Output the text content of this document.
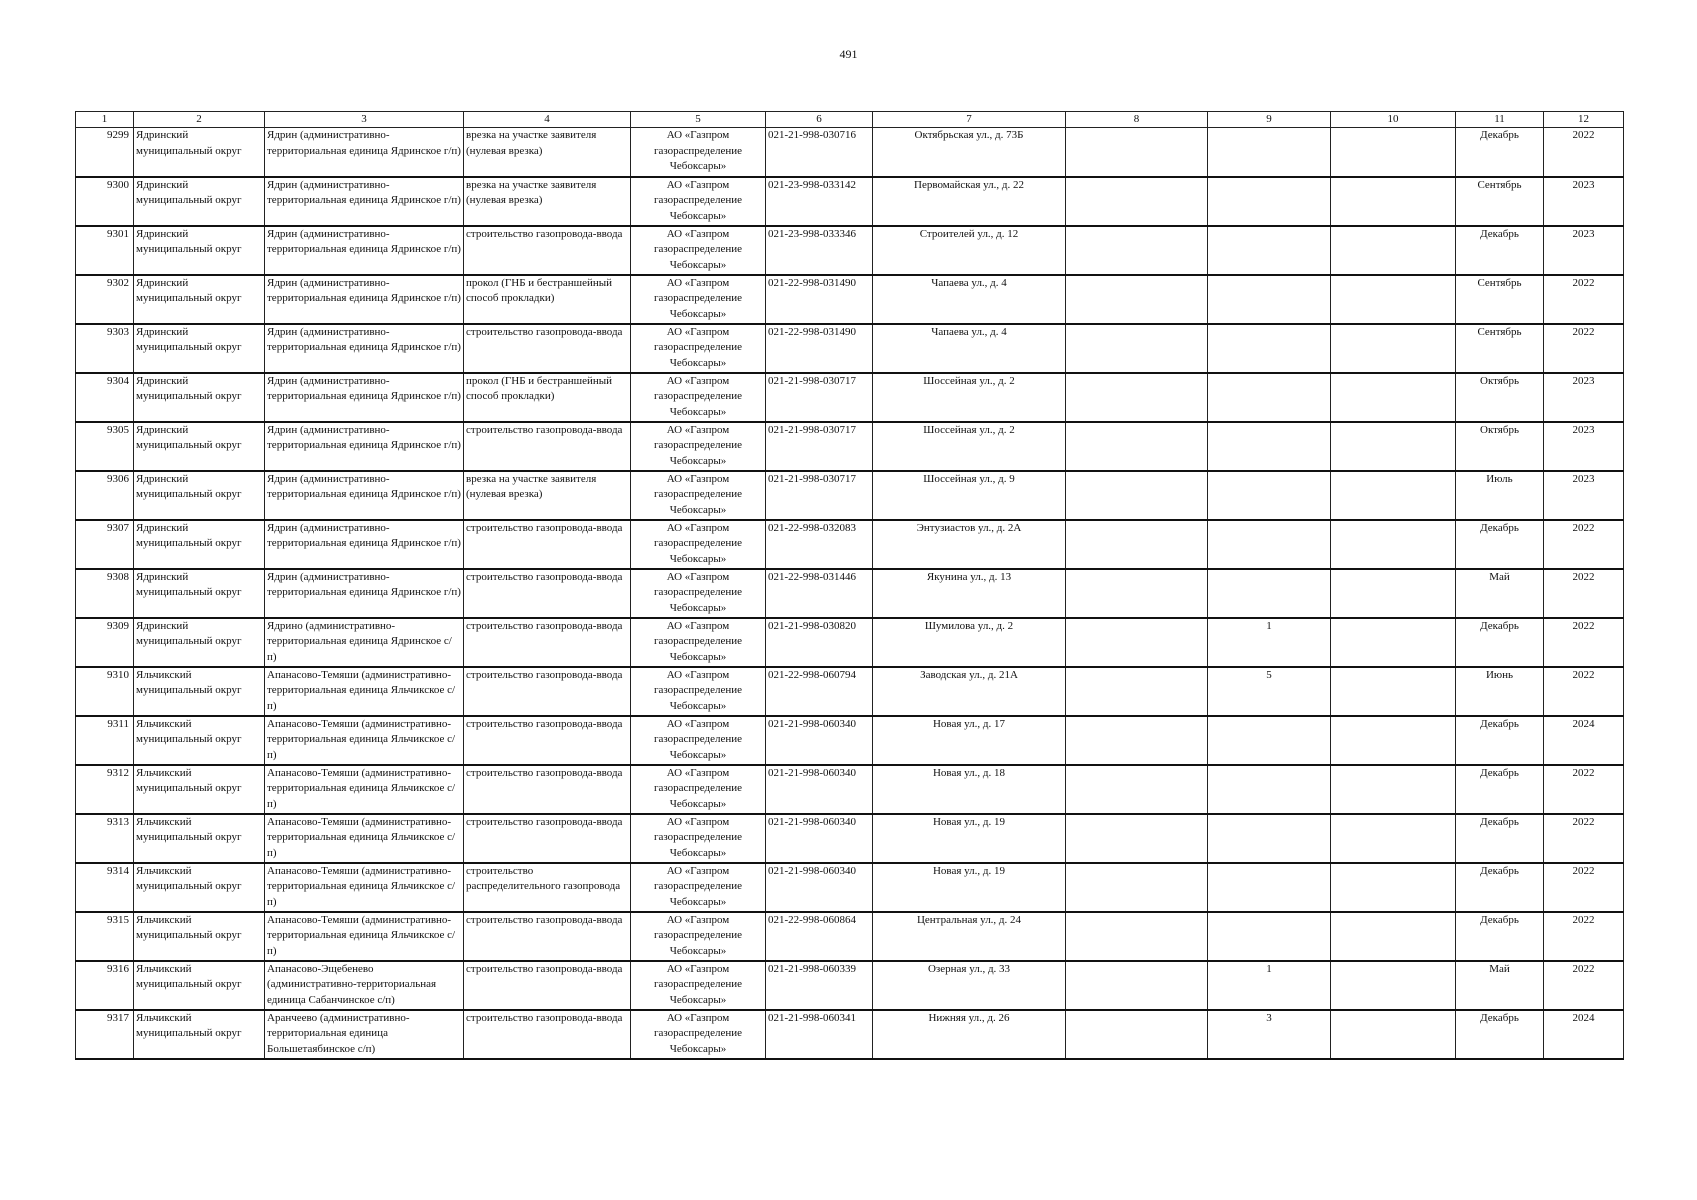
491
1	2	3	4	5	6	7	8	9	10	11	12
9299	Ядринский муниципальный округ	Ядрин (административно-территориальная единица Ядринское г/п)	врезка на участке заявителя (нулевая врезка)	АО «Газпром газораспределение Чебоксары»	021-21-998-030716	Октябрьская ул., д. 73Б				Декабрь	2022
9300	Ядринский муниципальный округ	Ядрин (административно-территориальная единица Ядринское г/п)	врезка на участке заявителя (нулевая врезка)	АО «Газпром газораспределение Чебоксары»	021-23-998-033142	Первомайская ул., д. 22				Сентябрь	2023
9301	Ядринский муниципальный округ	Ядрин (административно-территориальная единица Ядринское г/п)	строительство газопровода-ввода	АО «Газпром газораспределение Чебоксары»	021-23-998-033346	Строителей ул., д. 12				Декабрь	2023
9302	Ядринский муниципальный округ	Ядрин (административно-территориальная единица Ядринское г/п)	прокол (ГНБ и бестраншейный способ прокладки)	АО «Газпром газораспределение Чебоксары»	021-22-998-031490	Чапаева ул., д. 4				Сентябрь	2022
9303	Ядринский муниципальный округ	Ядрин (административно-территориальная единица Ядринское г/п)	строительство газопровода-ввода	АО «Газпром газораспределение Чебоксары»	021-22-998-031490	Чапаева ул., д. 4				Сентябрь	2022
9304	Ядринский муниципальный округ	Ядрин (административно-территориальная единица Ядринское г/п)	прокол (ГНБ и бестраншейный способ прокладки)	АО «Газпром газораспределение Чебоксары»	021-21-998-030717	Шоссейная ул., д. 2				Октябрь	2023
9305	Ядринский муниципальный округ	Ядрин (административно-территориальная единица Ядринское г/п)	строительство газопровода-ввода	АО «Газпром газораспределение Чебоксары»	021-21-998-030717	Шоссейная ул., д. 2				Октябрь	2023
9306	Ядринский муниципальный округ	Ядрин (административно-территориальная единица Ядринское г/п)	врезка на участке заявителя (нулевая врезка)	АО «Газпром газораспределение Чебоксары»	021-21-998-030717	Шоссейная ул., д. 9				Июль	2023
9307	Ядринский муниципальный округ	Ядрин (административно-территориальная единица Ядринское г/п)	строительство газопровода-ввода	АО «Газпром газораспределение Чебоксары»	021-22-998-032083	Энтузиастов ул., д. 2А				Декабрь	2022
9308	Ядринский муниципальный округ	Ядрин (административно-территориальная единица Ядринское г/п)	строительство газопровода-ввода	АО «Газпром газораспределение Чебоксары»	021-22-998-031446	Якунина ул., д. 13				Май	2022
9309	Ядринский муниципальный округ	Ядрино (административно-территориальная единица Ядринское с/п)	строительство газопровода-ввода	АО «Газпром газораспределение Чебоксары»	021-21-998-030820	Шумилова ул., д. 2		1		Декабрь	2022
9310	Яльчикский муниципальный округ	Апанасово-Темяши (административно-территориальная единица Яльчикское с/п)	строительство газопровода-ввода	АО «Газпром газораспределение Чебоксары»	021-22-998-060794	Заводская ул., д. 21А		5		Июнь	2022
9311	Яльчикский муниципальный округ	Апанасово-Темяши (административно-территориальная единица Яльчикское с/п)	строительство газопровода-ввода	АО «Газпром газораспределение Чебоксары»	021-21-998-060340	Новая ул., д. 17				Декабрь	2024
9312	Яльчикский муниципальный округ	Апанасово-Темяши (административно-территориальная единица Яльчикское с/п)	строительство газопровода-ввода	АО «Газпром газораспределение Чебоксары»	021-21-998-060340	Новая ул., д. 18				Декабрь	2022
9313	Яльчикский муниципальный округ	Апанасово-Темяши (административно-территориальная единица Яльчикское с/п)	строительство газопровода-ввода	АО «Газпром газораспределение Чебоксары»	021-21-998-060340	Новая ул., д. 19				Декабрь	2022
9314	Яльчикский муниципальный округ	Апанасово-Темяши (административно-территориальная единица Яльчикское с/п)	строительство распределительного газопровода	АО «Газпром газораспределение Чебоксары»	021-21-998-060340	Новая ул., д. 19				Декабрь	2022
9315	Яльчикский муниципальный округ	Апанасово-Темяши (административно-территориальная единица Яльчикское с/п)	строительство газопровода-ввода	АО «Газпром газораспределение Чебоксары»	021-22-998-060864	Центральная ул., д. 24				Декабрь	2022
9316	Яльчикский муниципальный округ	Апанасово-Эщебенево (административно-территориальная единица Сабанчинское с/п)	строительство газопровода-ввода	АО «Газпром газораспределение Чебоксары»	021-21-998-060339	Озерная ул., д. 33		1		Май	2022
9317	Яльчикский муниципальный округ	Аранчеево (административно-территориальная единица Большетаябинское с/п)	строительство газопровода-ввода	АО «Газпром газораспределение Чебоксары»	021-21-998-060341	Нижняя ул., д. 26		3		Декабрь	2024
